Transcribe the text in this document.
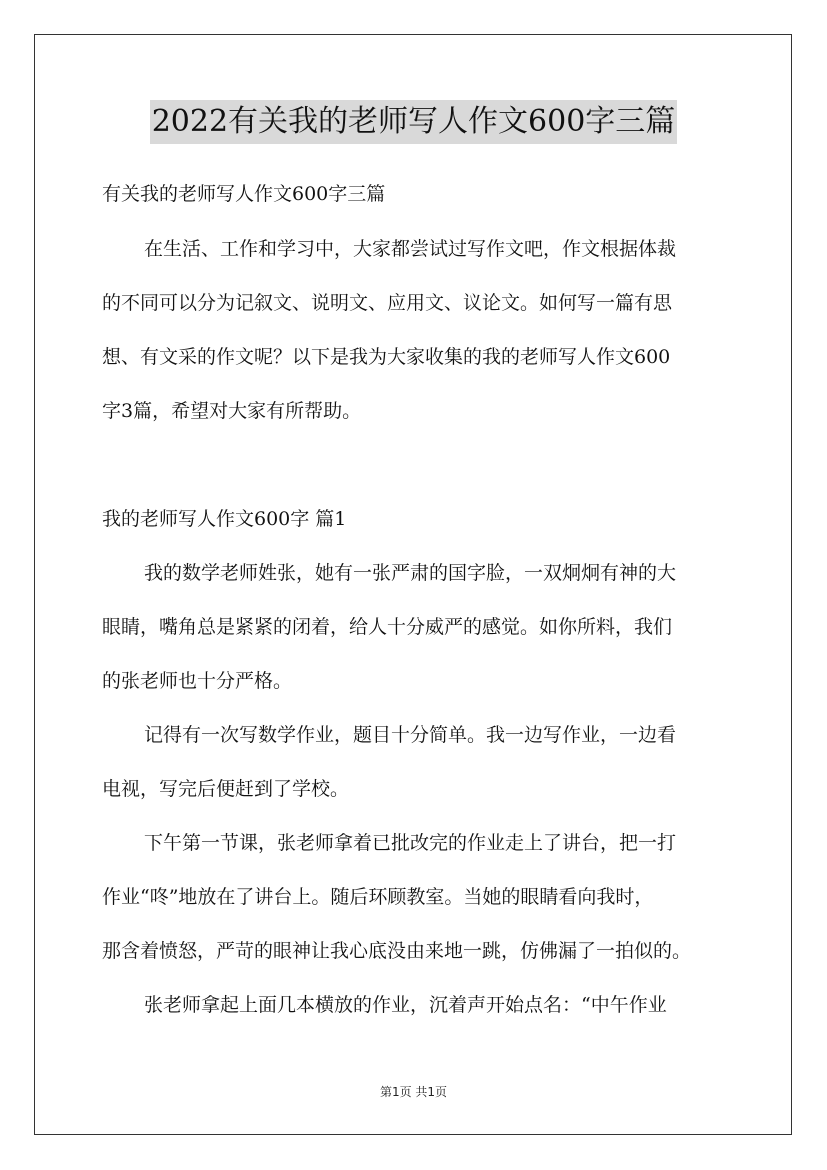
2022有关我的老师写人作文600字三篇
有关我的老师写人作文600字三篇
在生活、工作和学习中，大家都尝试过写作文吧，作文根据体裁
的不同可以分为记叙文、说明文、应用文、议论文。如何写一篇有思
想、有文采的作文呢？以下是我为大家收集的我的老师写人作文600
字3篇，希望对大家有所帮助。
我的老师写人作文600字 篇1
我的数学老师姓张，她有一张严肃的国字脸，一双炯炯有神的大
眼睛，嘴角总是紧紧的闭着，给人十分威严的感觉。如你所料，我们
的张老师也十分严格。
记得有一次写数学作业，题目十分简单。我一边写作业，一边看
电视，写完后便赶到了学校。
下午第一节课，张老师拿着已批改完的作业走上了讲台，把一打
作业“咚”地放在了讲台上。随后环顾教室。当她的眼睛看向我时，
那含着愤怒，严苛的眼神让我心底没由来地一跳，仿佛漏了一拍似的。
张老师拿起上面几本横放的作业，沉着声开始点名：“中午作业
第1页 共1页
